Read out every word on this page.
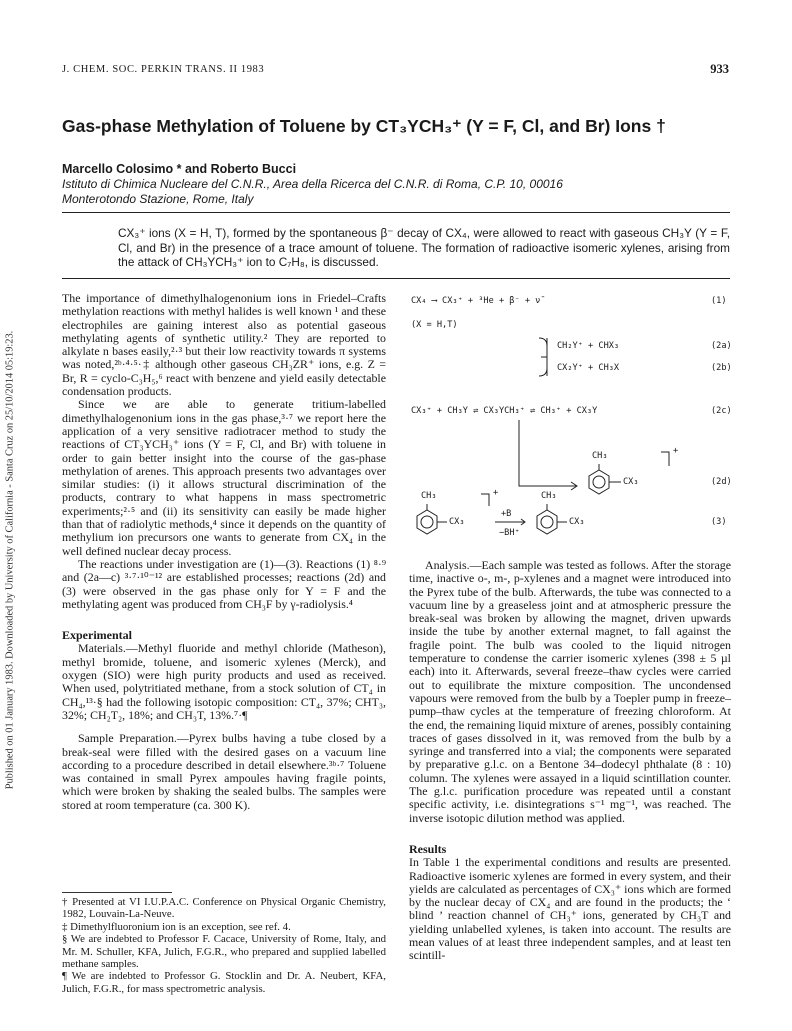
Published on 01 January 1983. Downloaded by University of California - Santa Cruz on 25/10/2014 05:19:23.
J. CHEM. SOC. PERKIN TRANS. II 1983	933
Gas-phase Methylation of Toluene by CT₃YCH₃⁺ (Y = F, Cl, and Br) Ions †
Marcello Colosimo * and Roberto Bucci
Istituto di Chimica Nucleare del C.N.R., Area della Ricerca del C.N.R. di Roma, C.P. 10, 00016
Monterotondo Stazione, Rome, Italy
CX₃⁺ ions (X = H, T), formed by the spontaneous β⁻ decay of CX₄, were allowed to react with gaseous CH₃Y (Y = F, Cl, and Br) in the presence of a trace amount of toluene. The formation of radioactive isomeric xylenes, arising from the attack of CH₃YCH₃⁺ ion to C₇H₈, is discussed.

The importance of dimethylhalogenonium ions in Friedel–Crafts methylation reactions with methyl halides is well known ¹ and these electrophiles are gaining interest also as potential gaseous methylating agents of synthetic utility.² They are reported to alkylate n bases easily,²·³ but their low reactivity towards π systems was noted,²ᵇ·⁴·⁵·‡ although other gaseous CH₃ZR⁺ ions, e.g. Z = Br, R = cyclo-C₃H₅,⁶ react with benzene and yield easily detectable condensation products.

Since we are able to generate tritium-labelled dimethylhalogenonium ions in the gas phase,³·⁷ we report here the application of a very sensitive radiotracer method to study the reactions of CT₃YCH₃⁺ ions (Y = F, Cl, and Br) with toluene in order to gain better insight into the course of the gas-phase methylation of arenes. This approach presents two advantages over similar studies: (i) it allows structural discrimination of the products, contrary to what happens in mass spectrometric experiments;²·⁵ and (ii) its sensitivity can easily be made higher than that of radiolytic methods,⁴ since it depends on the quantity of methylium ion precursors one wants to generate from CX₄ in the well defined nuclear decay process.

The reactions under investigation are (1)—(3). Reactions (1) ⁸·⁹ and (2a—c) ³·⁷·¹⁰⁻¹² are established processes; reactions (2d) and (3) were observed in the gas phase only for Y = F and the methylating agent was produced from CH₃F by γ-radiolysis.⁴

Experimental

Materials.—Methyl fluoride and methyl chloride (Matheson), methyl bromide, toluene, and isomeric xylenes (Merck), and oxygen (SIO) were high purity products and used as received. When used, polytritiated methane, from a stock solution of CT₄ in CH₄,¹³·§ had the following isotopic composition: CT₄, 37%; CHT₃, 32%; CH₂T₂, 18%; and CH₃T, 13%.⁷·¶

Sample Preparation.—Pyrex bulbs having a tube closed by a break-seal were filled with the desired gases on a vacuum line according to a procedure described in detail elsewhere.³ᵇ·⁷ Toluene was contained in small Pyrex ampoules having fragile points, which were broken by shaking the sealed bulbs. The samples were stored at room temperature (ca. 300 K).

† Presented at VI I.U.P.A.C. Conference on Physical Organic Chemistry, 1982, Louvain-La-Neuve.

‡ Dimethylfluoronium ion is an exception, see ref. 4.

§ We are indebted to Professor F. Cacace, University of Rome, Italy, and Mr. M. Schuller, KFA, Julich, F.G.R., who prepared and supplied labelled methane samples.

¶ We are indebted to Professor G. Stocklin and Dr. A. Neubert, KFA, Julich, F.G.R., for mass spectrometric analysis.

CX₄ ⟶ CX₃⁺ + ³He + β⁻ + ν̄	(1)
(X = H,T)
CH₂Y⁺ + CHX₃	(2a)
CX₂Y⁺ + CH₃X	(2b)
CX₃⁺ + CH₃Y ⇌ CX₃YCH₃⁺ ⇌ CH₃⁺ + CX₃Y	(2c)
CH₃	+
CX₃	(2d)
CH₃	+
CX₃
+B
−BH⁺
CH₃
CX₃	(3)

Analysis.—Each sample was tested as follows. After the storage time, inactive o-, m-, p-xylenes and a magnet were introduced into the Pyrex tube of the bulb. Afterwards, the tube was connected to a vacuum line by a greaseless joint and at atmospheric pressure the break-seal was broken by allowing the magnet, driven upwards inside the tube by another external magnet, to fall against the fragile point. The bulb was cooled to the liquid nitrogen temperature to condense the carrier isomeric xylenes (398 ± 5 µl each) into it. Afterwards, several freeze–thaw cycles were carried out to equilibrate the mixture composition. The uncondensed vapours were removed from the bulb by a Toepler pump in freeze–pump–thaw cycles at the temperature of freezing chloroform. At the end, the remaining liquid mixture of arenes, possibly containing traces of gases dissolved in it, was removed from the bulb by a syringe and transferred into a vial; the components were separated by preparative g.l.c. on a Bentone 34–dodecyl phthalate (8 : 10) column. The xylenes were assayed in a liquid scintillation counter. The g.l.c. purification procedure was repeated until a constant specific activity, i.e. disintegrations s⁻¹ mg⁻¹, was reached. The inverse isotopic dilution method was applied.

Results

In Table 1 the experimental conditions and results are presented. Radioactive isomeric xylenes are formed in every system, and their yields are calculated as percentages of CX₃⁺ ions which are formed by the nuclear decay of CX₄ and are found in the products; the ‘ blind ’ reaction channel of CH₃⁺ ions, generated by CH₃T and yielding unlabelled xylenes, is taken into account. The results are mean values of at least three independent samples, and at least ten scintill-
